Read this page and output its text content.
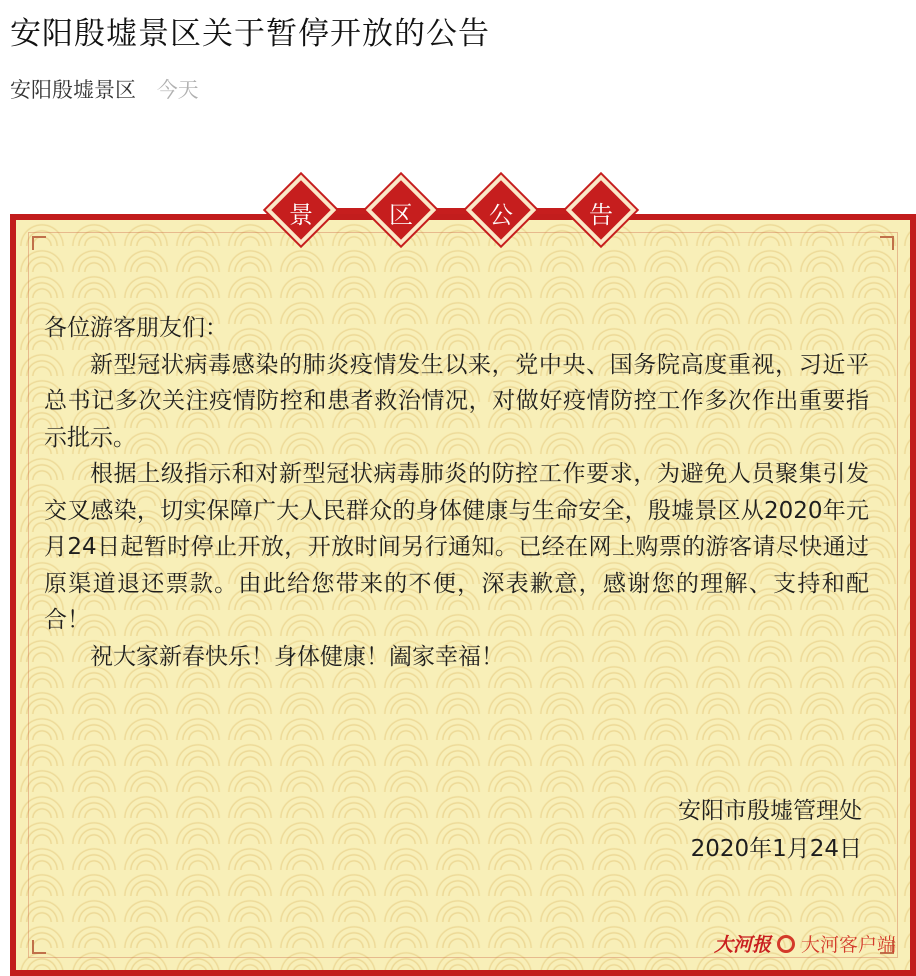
安阳殷墟景区关于暂停开放的公告
安阳殷墟景区 今天
景	区	公	告

各位游客朋友们：

新型冠状病毒感染的肺炎疫情发生以来，党中央、国务院高度重视，习近平总书记多次关注疫情防控和患者救治情况，对做好疫情防控工作多次作出重要指示批示。

根据上级指示和对新型冠状病毒肺炎的防控工作要求，为避免人员聚集引发交叉感染，切实保障广大人民群众的身体健康与生命安全，殷墟景区从2020年元月24日起暂时停止开放，开放时间另行通知。已经在网上购票的游客请尽快通过原渠道退还票款。由此给您带来的不便，深表歉意，感谢您的理解、支持和配合！

祝大家新春快乐！身体健康！阖家幸福！

安阳市殷墟管理处
2020年1月24日
大河报 大河客户端
